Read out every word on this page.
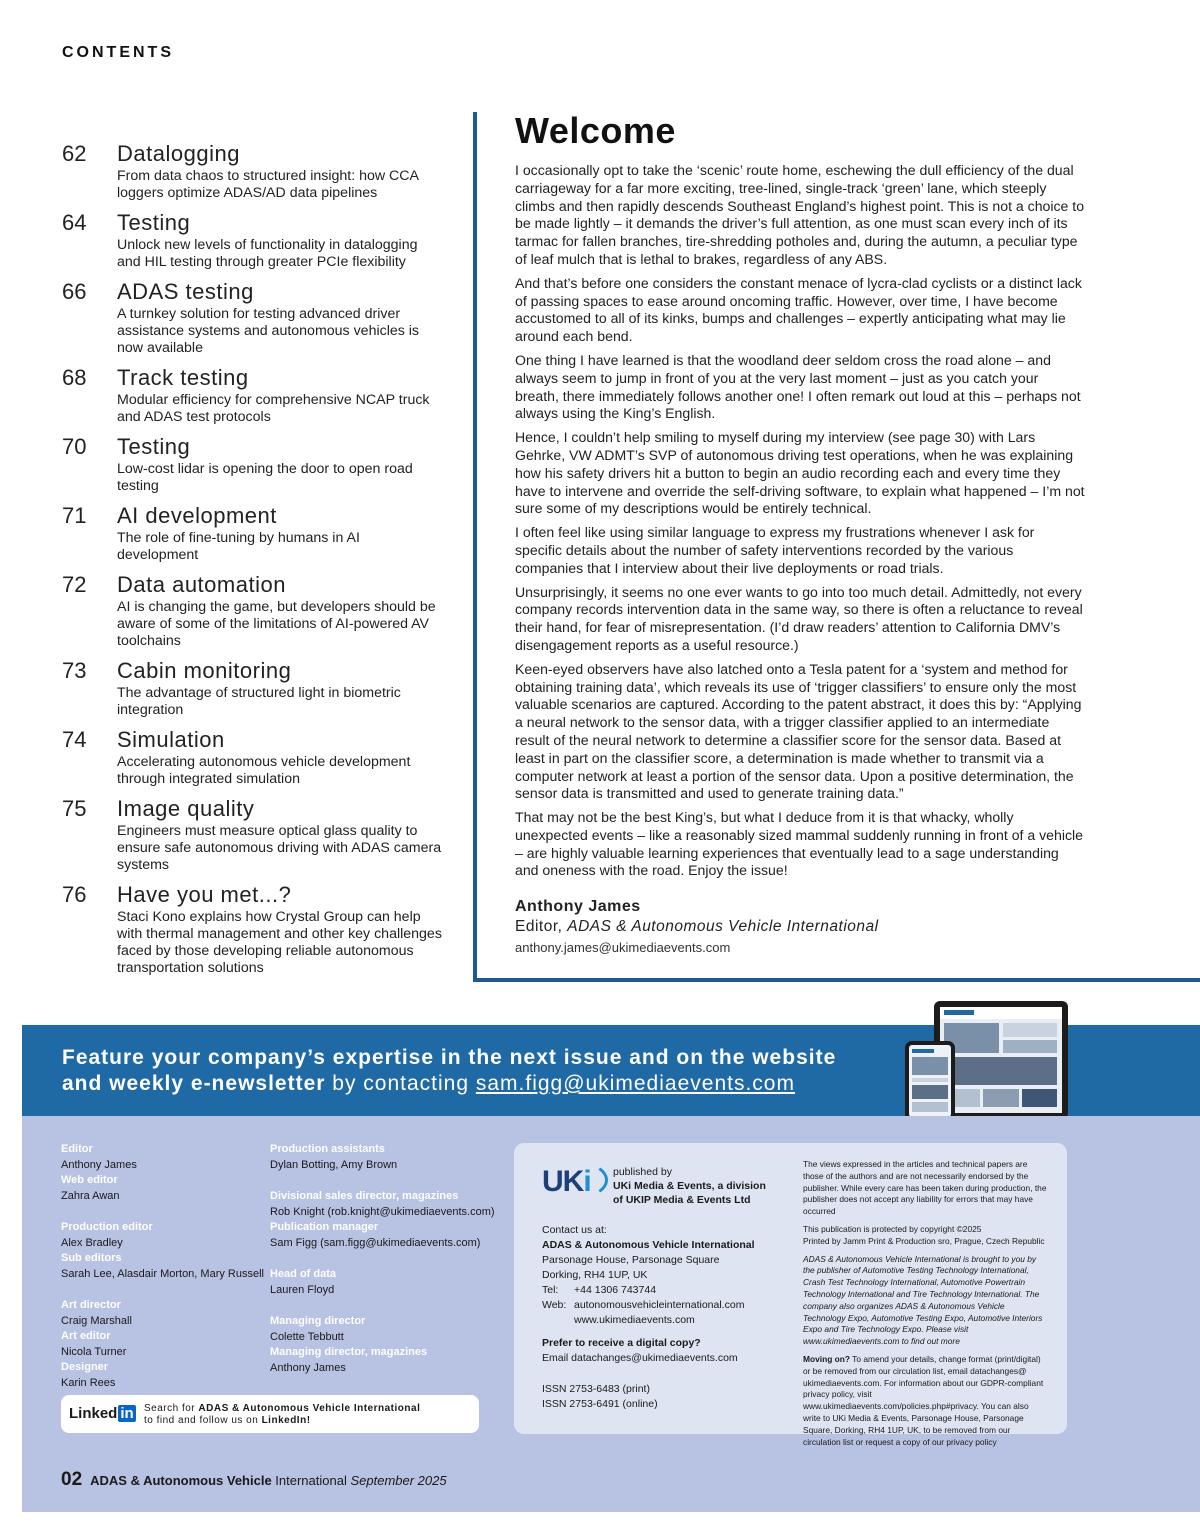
CONTENTS
62	Datalogging
From data chaos to structured insight: how CCA loggers optimize ADAS/AD data pipelines
64	Testing
Unlock new levels of functionality in datalogging and HIL testing through greater PCIe flexibility
66	ADAS testing
A turnkey solution for testing advanced driver assistance systems and autonomous vehicles is now available
68	Track testing
Modular efficiency for comprehensive NCAP truck and ADAS test protocols
70	Testing
Low-cost lidar is opening the door to open road testing
71	AI development
The role of fine-tuning by humans in AI development
72	Data automation
AI is changing the game, but developers should be aware of some of the limitations of AI-powered AV toolchains
73	Cabin monitoring
The advantage of structured light in biometric integration
74	Simulation
Accelerating autonomous vehicle development through integrated simulation
75	Image quality
Engineers must measure optical glass quality to ensure safe autonomous driving with ADAS camera systems
76	Have you met...?
Staci Kono explains how Crystal Group can help with thermal management and other key challenges faced by those developing reliable autonomous transportation solutions
Welcome

I occasionally opt to take the ‘scenic’ route home, eschewing the dull efficiency of the dual carriageway for a far more exciting, tree-lined, single-track ‘green’ lane, which steeply climbs and then rapidly descends Southeast England’s highest point. This is not a choice to be made lightly – it demands the driver’s full attention, as one must scan every inch of its tarmac for fallen branches, tire-shredding potholes and, during the autumn, a peculiar type of leaf mulch that is lethal to brakes, regardless of any ABS.

And that’s before one considers the constant menace of lycra-clad cyclists or a distinct lack of passing spaces to ease around oncoming traffic. However, over time, I have become accustomed to all of its kinks, bumps and challenges – expertly anticipating what may lie around each bend.

One thing I have learned is that the woodland deer seldom cross the road alone – and always seem to jump in front of you at the very last moment – just as you catch your breath, there immediately follows another one! I often remark out loud at this – perhaps not always using the King’s English.

Hence, I couldn’t help smiling to myself during my interview (see page 30) with Lars Gehrke, VW ADMT’s SVP of autonomous driving test operations, when he was explaining how his safety drivers hit a button to begin an audio recording each and every time they have to intervene and override the self-driving software, to explain what happened – I’m not sure some of my descriptions would be entirely technical.

I often feel like using similar language to express my frustrations whenever I ask for specific details about the number of safety interventions recorded by the various companies that I interview about their live deployments or road trials.

Unsurprisingly, it seems no one ever wants to go into too much detail. Admittedly, not every company records intervention data in the same way, so there is often a reluctance to reveal their hand, for fear of misrepresentation. (I’d draw readers’ attention to California DMV’s disengagement reports as a useful resource.)

Keen-eyed observers have also latched onto a Tesla patent for a ‘system and method for obtaining training data’, which reveals its use of ‘trigger classifiers’ to ensure only the most valuable scenarios are captured. According to the patent abstract, it does this by: “Applying a neural network to the sensor data, with a trigger classifier applied to an intermediate result of the neural network to determine a classifier score for the sensor data. Based at least in part on the classifier score, a determination is made whether to transmit via a computer network at least a portion of the sensor data. Upon a positive determination, the sensor data is transmitted and used to generate training data.”

That may not be the best King’s, but what I deduce from it is that whacky, wholly unexpected events – like a reasonably sized mammal suddenly running in front of a vehicle – are highly valuable learning experiences that eventually lead to a sage understanding and oneness with the road. Enjoy the issue!

Anthony James
Editor, ADAS & Autonomous Vehicle International
anthony.james@ukimediaevents.com
Feature your company’s expertise in the next issue and on the website
and weekly e-newsletter by contacting sam.figg@ukimediaevents.com
Editor
Anthony James
Web editor
Zahra Awan
Production editor
Alex Bradley
Sub editors
Sarah Lee, Alasdair Morton, Mary Russell
Art director
Craig Marshall
Art editor
Nicola Turner
Designer
Karin Rees
Production assistants
Dylan Botting, Amy Brown
Divisional sales director, magazines
Rob Knight (rob.knight@ukimediaevents.com)
Publication manager
Sam Figg (sam.figg@ukimediaevents.com)
Head of data
Lauren Floyd
Managing director
Colette Tebbutt
Managing director, magazines
Anthony James
Linked in Search for ADAS & Autonomous Vehicle International
to find and follow us on LinkedIn!
UKi published by
UKi Media & Events, a division
of UKIP Media & Events Ltd
Contact us at:
ADAS & Autonomous Vehicle International
Parsonage House, Parsonage Square
Dorking, RH4 1UP, UK
Tel:	+44 1306 743744
Web: autonomousvehicleinternational.com
www.ukimediaevents.com
Prefer to receive a digital copy?
Email datachanges@ukimediaevents.com
ISSN 2753-6483 (print)
ISSN 2753-6491 (online)
The views expressed in the articles and technical papers are those of the authors and are not necessarily endorsed by the publisher. While every care has been taken during production, the publisher does not accept any liability for errors that may have occurred
This publication is protected by copyright ©2025
Printed by Jamm Print & Production sro, Prague, Czech Republic
ADAS & Autonomous Vehicle International is brought to you by the publisher of Automotive Testing Technology International, Crash Test Technology International, Automotive Powertrain Technology International and Tire Technology International. The company also organizes ADAS & Autonomous Vehicle Technology Expo, Automotive Testing Expo, Automotive Interiors Expo and Tire Technology Expo. Please visit www.ukimediaevents.com to find out more
Moving on? To amend your details, change format (print/digital) or be removed from our circulation list, email datachanges@ ukimediaevents.com. For information about our GDPR-compliant privacy policy, visit www.ukimediaevents.com/policies.php#privacy. You can also write to UKi Media & Events, Parsonage House, Parsonage Square, Dorking, RH4 1UP, UK, to be removed from our circulation list or request a copy of our privacy policy
02 ADAS & Autonomous Vehicle International September 2025
